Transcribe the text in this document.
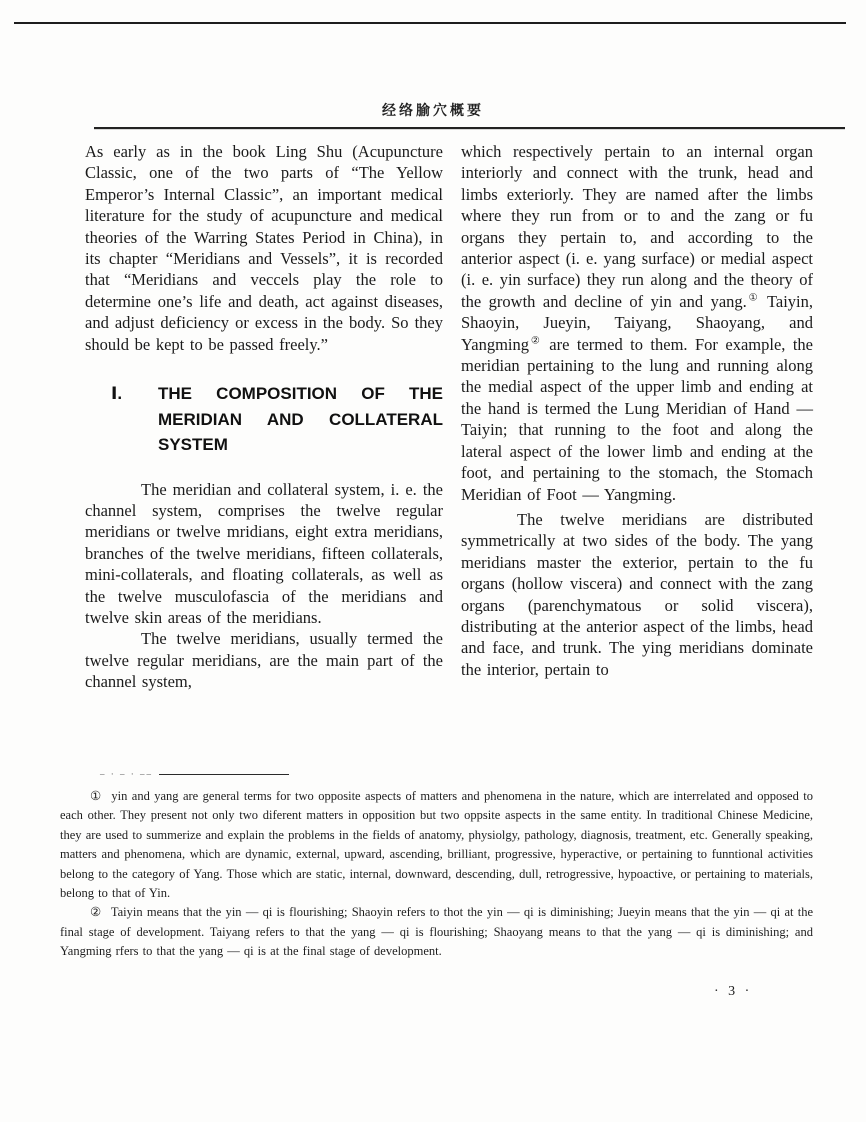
经络腧穴概要

As early as in the book Ling Shu (Acupuncture Classic, one of the two parts of “The Yellow Emperor’s Internal Classic”, an important medical literature for the study of acupuncture and medical theories of the Warring States Period in China), in its chapter “Meridians and Vessels”, it is recorded that “Meridians and veccels play the role to determine one’s life and death, act against diseases, and adjust deficiency or excess in the body. So they should be kept to be passed freely.”

Ⅰ. THE COMPOSITION OF THE MERIDIAN AND COLLATERAL SYSTEM

The meridian and collateral system, i. e. the channel system, comprises the twelve regular meridians or twelve mridians, eight extra meridians, branches of the twelve meridians, fifteen collaterals, mini-collaterals, and floating collaterals, as well as the twelve musculofascia of the meridians and twelve skin areas of the meridians.

The twelve meridians, usually termed the twelve regular meridians, are the main part of the channel system,

which respectively pertain to an internal organ interiorly and connect with the trunk, head and limbs exteriorly. They are named after the limbs where they run from or to and the zang or fu organs they pertain to, and according to the anterior aspect (i. e. yang surface) or medial aspect (i. e. yin surface) they run along and the theory of the growth and decline of yin and yang.① Taiyin, Shaoyin, Jueyin, Taiyang, Shaoyang, and Yangming② are termed to them. For example, the meridian pertaining to the lung and running along the medial aspect of the upper limb and ending at the hand is termed the Lung Meridian of Hand — Taiyin; that running to the foot and along the lateral aspect of the lower limb and ending at the foot, and pertaining to the stomach, the Stomach Meridian of Foot — Yangming.

The twelve meridians are distributed symmetrically at two sides of the body. The yang meridians master the exterior, pertain to the fu organs (hollow viscera) and connect with the zang organs (parenchymatous or solid viscera), distributing at the anterior aspect of the limbs, head and face, and trunk. The ying meridians dominate the interior, pertain to

– · – · ––

① yin and yang are general terms for two opposite aspects of matters and phenomena in the nature, which are interrelated and opposed to each other. They present not only two diferent matters in opposition but two oppsite aspects in the same entity. In traditional Chinese Medicine, they are used to summerize and explain the problems in the fields of anatomy, physiolgy, pathology, diagnosis, treatment, etc. Generally speaking, matters and phenomena, which are dynamic, external, upward, ascending, brilliant, progressive, hyperactive, or pertaining to funntional activities belong to the category of Yang. Those which are static, internal, downward, descending, dull, retrogressive, hypoactive, or pertaining to materials, belong to that of Yin.

② Taiyin means that the yin — qi is flourishing; Shaoyin refers to thot the yin — qi is diminishing; Jueyin means that the yin — qi at the final stage of development. Taiyang refers to that the yang — qi is flourishing; Shaoyang means to that the yang — qi is diminishing; and Yangming rfers to that the yang — qi is at the final stage of development.

· 3 ·
